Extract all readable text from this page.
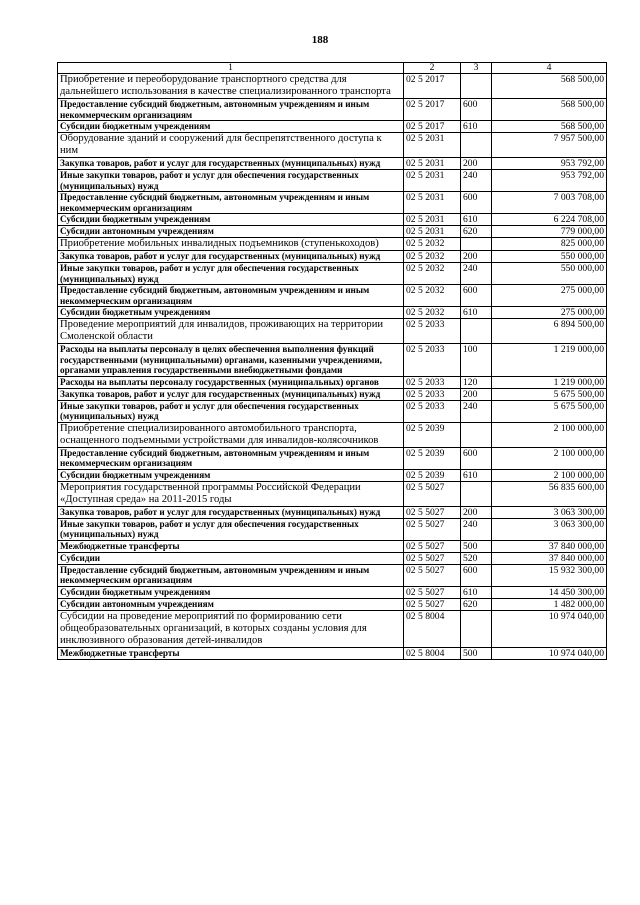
188
1	2	3	4
Приобретение и переоборудование транспортного средства для дальнейшего использования в качестве специализированного транспорта	02 5 2017		568 500,00
Предоставление субсидий бюджетным, автономным учреждениям и иным некоммерческим организациям	02 5 2017	600	568 500,00
Субсидии бюджетным учреждениям	02 5 2017	610	568 500,00
Оборудование зданий и сооружений для беспрепятственного доступа к ним	02 5 2031		7 957 500,00
Закупка товаров, работ и услуг для государственных (муниципальных) нужд	02 5 2031	200	953 792,00
Иные закупки товаров, работ и услуг для обеспечения государственных (муниципальных) нужд	02 5 2031	240	953 792,00
Предоставление субсидий бюджетным, автономным учреждениям и иным некоммерческим организациям	02 5 2031	600	7 003 708,00
Субсидии бюджетным учреждениям	02 5 2031	610	6 224 708,00
Субсидии автономным учреждениям	02 5 2031	620	779 000,00
Приобретение мобильных инвалидных подъемников (ступенькоходов)	02 5 2032		825 000,00
Закупка товаров, работ и услуг для государственных (муниципальных) нужд	02 5 2032	200	550 000,00
Иные закупки товаров, работ и услуг для обеспечения государственных (муниципальных) нужд	02 5 2032	240	550 000,00
Предоставление субсидий бюджетным, автономным учреждениям и иным некоммерческим организациям	02 5 2032	600	275 000,00
Субсидии бюджетным учреждениям	02 5 2032	610	275 000,00
Проведение мероприятий для инвалидов, проживающих на территории Смоленской области	02 5 2033		6 894 500,00
Расходы на выплаты персоналу в целях обеспечения выполнения функций государственными (муниципальными) органами, казенными учреждениями, органами управления государственными внебюджетными фондами	02 5 2033	100	1 219 000,00
Расходы на выплаты персоналу государственных (муниципальных) органов	02 5 2033	120	1 219 000,00
Закупка товаров, работ и услуг для государственных (муниципальных) нужд	02 5 2033	200	5 675 500,00
Иные закупки товаров, работ и услуг для обеспечения государственных (муниципальных) нужд	02 5 2033	240	5 675 500,00
Приобретение специализированного автомобильного транспорта, оснащенного подъемными устройствами для инвалидов-колясочников	02 5 2039		2 100 000,00
Предоставление субсидий бюджетным, автономным учреждениям и иным некоммерческим организациям	02 5 2039	600	2 100 000,00
Субсидии бюджетным учреждениям	02 5 2039	610	2 100 000,00
Мероприятия государственной программы Российской Федерации «Доступная среда» на 2011-2015 годы	02 5 5027		56 835 600,00
Закупка товаров, работ и услуг для государственных (муниципальных) нужд	02 5 5027	200	3 063 300,00
Иные закупки товаров, работ и услуг для обеспечения государственных (муниципальных) нужд	02 5 5027	240	3 063 300,00
Межбюджетные трансферты	02 5 5027	500	37 840 000,00
Субсидии	02 5 5027	520	37 840 000,00
Предоставление субсидий бюджетным, автономным учреждениям и иным некоммерческим организациям	02 5 5027	600	15 932 300,00
Субсидии бюджетным учреждениям	02 5 5027	610	14 450 300,00
Субсидии автономным учреждениям	02 5 5027	620	1 482 000,00
Субсидии на проведение мероприятий по формированию сети общеобразовательных организаций, в которых созданы условия для инклюзивного образования детей-инвалидов	02 5 8004		10 974 040,00
Межбюджетные трансферты	02 5 8004	500	10 974 040,00
